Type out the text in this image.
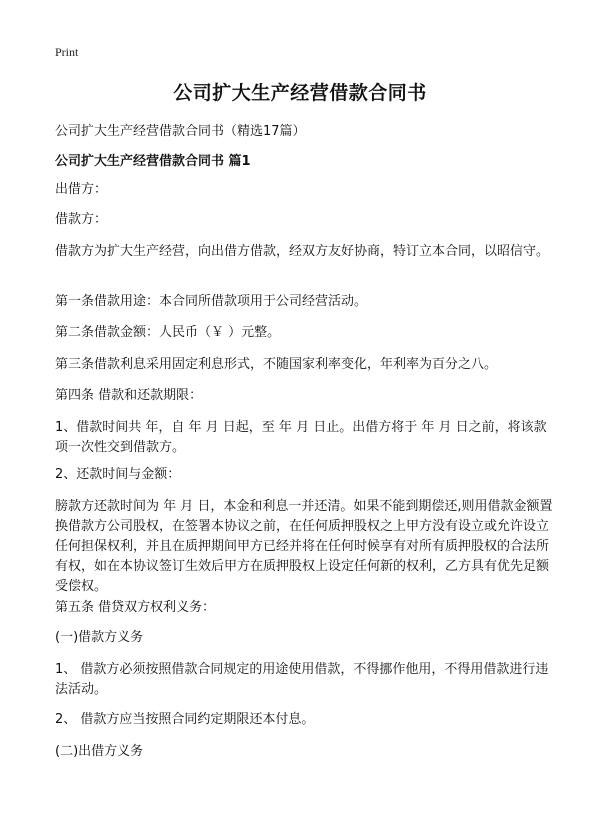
Print
公司扩大生产经营借款合同书
公司扩大生产经营借款合同书（精选17篇）
公司扩大生产经营借款合同书 篇1

出借方：

借款方：

借款方为扩大生产经营，向出借方借款，经双方友好协商，特订立本合同，以昭信守。

第一条借款用途：本合同所借款项用于公司经营活动。

第二条借款金额：人民币（￥ ）元整。

第三条借款利息采用固定利息形式，不随国家利率变化，年利率为百分之八。

第四条 借款和还款期限：

1、借款时间共 年，自 年 月 日起，至 年 月 日止。出借方将于 年 月 日之前，将该款项一次性交到借款方。

2、还款时间与金额：

膀款方还款时间为 年 月 日，本金和利息一并还清。如果不能到期偿还,则用借款金额置换借款方公司股权，在签署本协议之前，在任何质押股权之上甲方没有设立或允许设立任何担保权利，并且在质押期间甲方已经并将在任何时候享有对所有质押股权的合法所有权，如在本协议签订生效后甲方在质押股权上设定任何新的权利，乙方具有优先足额受偿权。

第五条 借贷双方权利义务：

(一)借款方义务

1、 借款方必须按照借款合同规定的用途使用借款，不得挪作他用，不得用借款进行违法活动。

2、 借款方应当按照合同约定期限还本付息。

(二)出借方义务
